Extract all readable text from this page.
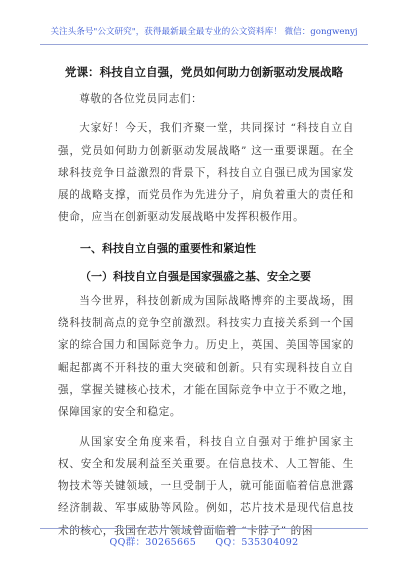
关注头条号"公文研究"，获得最新最全最专业的公文资料库！ 微信：gongwenyj
党课：科技自立自强，党员如何助力创新驱动发展战略

尊敬的各位党员同志们：

大家好！今天，我们齐聚一堂，共同探讨 “科技自立自强，党员如何助力创新驱动发展战略” 这一重要课题。在全球科技竞争日益激烈的背景下，科技自立自强已成为国家发展的战略支撑，而党员作为先进分子，肩负着重大的责任和使命，应当在创新驱动发展战略中发挥积极作用。

一、科技自立自强的重要性和紧迫性
（一）科技自立自强是国家强盛之基、安全之要

当今世界，科技创新成为国际战略博弈的主要战场，围绕科技制高点的竞争空前激烈。科技实力直接关系到一个国家的综合国力和国际竞争力。历史上，英国、美国等国家的崛起都离不开科技的重大突破和创新。只有实现科技自立自强，掌握关键核心技术，才能在国际竞争中立于不败之地，保障国家的安全和稳定。

从国家安全角度来看，科技自立自强对于维护国家主权、安全和发展利益至关重要。在信息技术、人工智能、生物技术等关键领域，一旦受制于人，就可能面临着信息泄露经济制裁、军事威胁等风险。例如，芯片技术是现代信息技术的核心，我国在芯片领域曾面临着 “卡脖子” 的困

QQ群：30265665 QQ：535304092
